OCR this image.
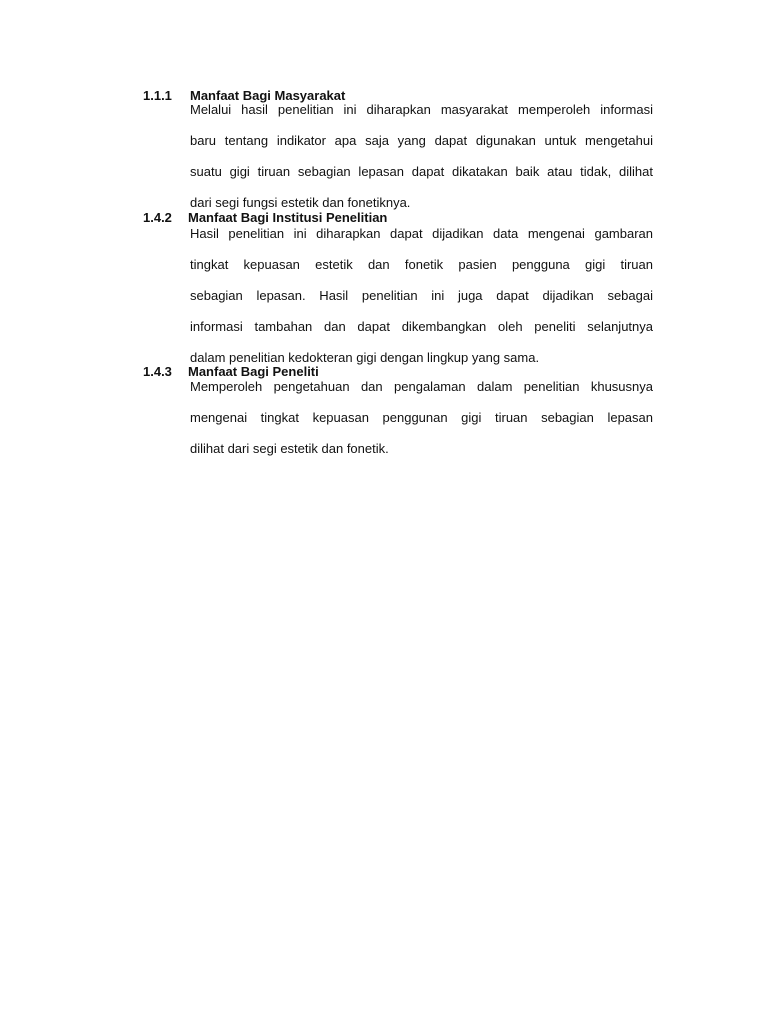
1.1.1 Manfaat Bagi Masyarakat
Melalui hasil penelitian ini diharapkan masyarakat memperoleh informasi
baru tentang indikator apa saja yang dapat digunakan untuk mengetahui
suatu gigi tiruan sebagian lepasan dapat dikatakan baik atau tidak, dilihat
dari segi fungsi estetik dan fonetiknya.
1.4.2 Manfaat Bagi Institusi Penelitian
Hasil penelitian ini diharapkan dapat dijadikan data mengenai gambaran
tingkat kepuasan estetik dan fonetik pasien pengguna gigi tiruan
sebagian lepasan. Hasil penelitian ini juga dapat dijadikan sebagai
informasi tambahan dan dapat dikembangkan oleh peneliti selanjutnya
dalam penelitian kedokteran gigi dengan lingkup yang sama.
1.4.3 Manfaat Bagi Peneliti
Memperoleh pengetahuan dan pengalaman dalam penelitian khususnya
mengenai tingkat kepuasan penggunan gigi tiruan sebagian lepasan
dilihat dari segi estetik dan fonetik.
